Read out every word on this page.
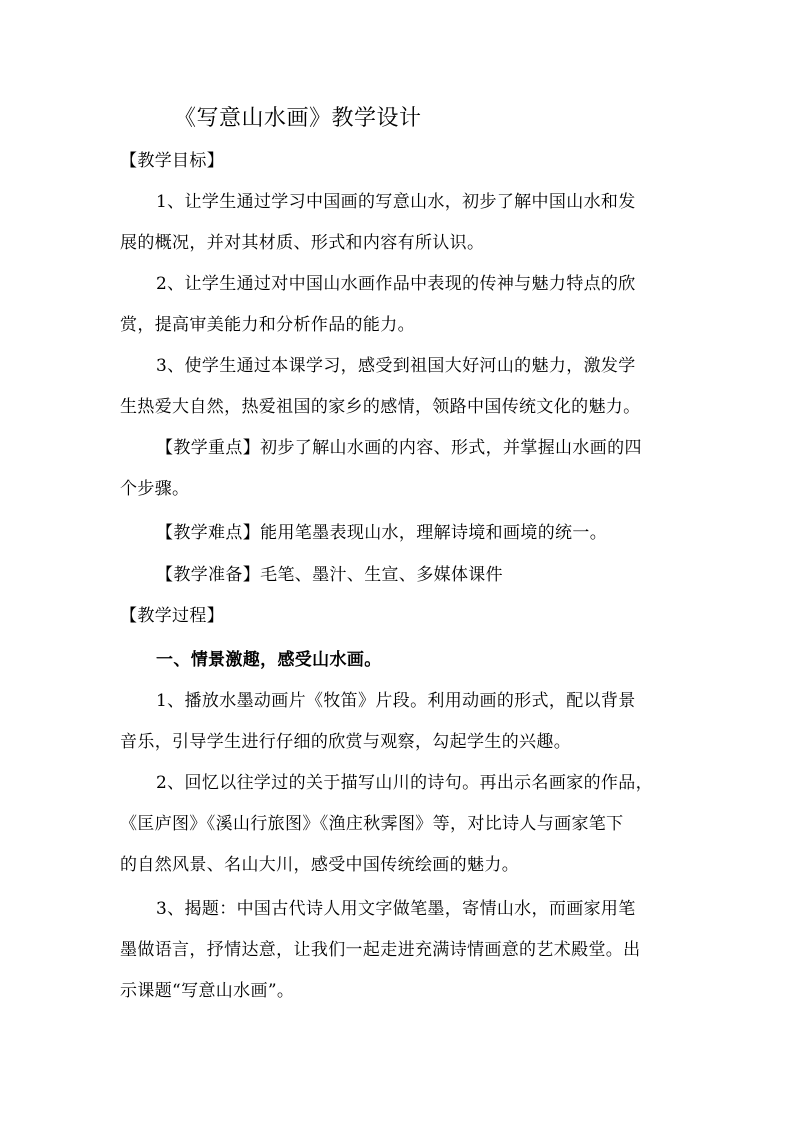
《写意山水画》教学设计
【教学目标】
1、让学生通过学习中国画的写意山水，初步了解中国山水和发
展的概况，并对其材质、形式和内容有所认识。
2、让学生通过对中国山水画作品中表现的传神与魅力特点的欣
赏，提高审美能力和分析作品的能力。
3、使学生通过本课学习，感受到祖国大好河山的魅力，激发学
生热爱大自然，热爱祖国的家乡的感情，领路中国传统文化的魅力。
【教学重点】初步了解山水画的内容、形式，并掌握山水画的四
个步骤。
【教学难点】能用笔墨表现山水，理解诗境和画境的统一。
【教学准备】毛笔、墨汁、生宣、多媒体课件
【教学过程】
一、情景激趣，感受山水画。
1、播放水墨动画片《牧笛》片段。利用动画的形式，配以背景
音乐，引导学生进行仔细的欣赏与观察，勾起学生的兴趣。
2、回忆以往学过的关于描写山川的诗句。再出示名画家的作品，
《匡庐图》《溪山行旅图》《渔庄秋霁图》等，对比诗人与画家笔下
的自然风景、名山大川，感受中国传统绘画的魅力。
3、揭题：中国古代诗人用文字做笔墨，寄情山水，而画家用笔
墨做语言，抒情达意，让我们一起走进充满诗情画意的艺术殿堂。出
示课题“写意山水画”。
